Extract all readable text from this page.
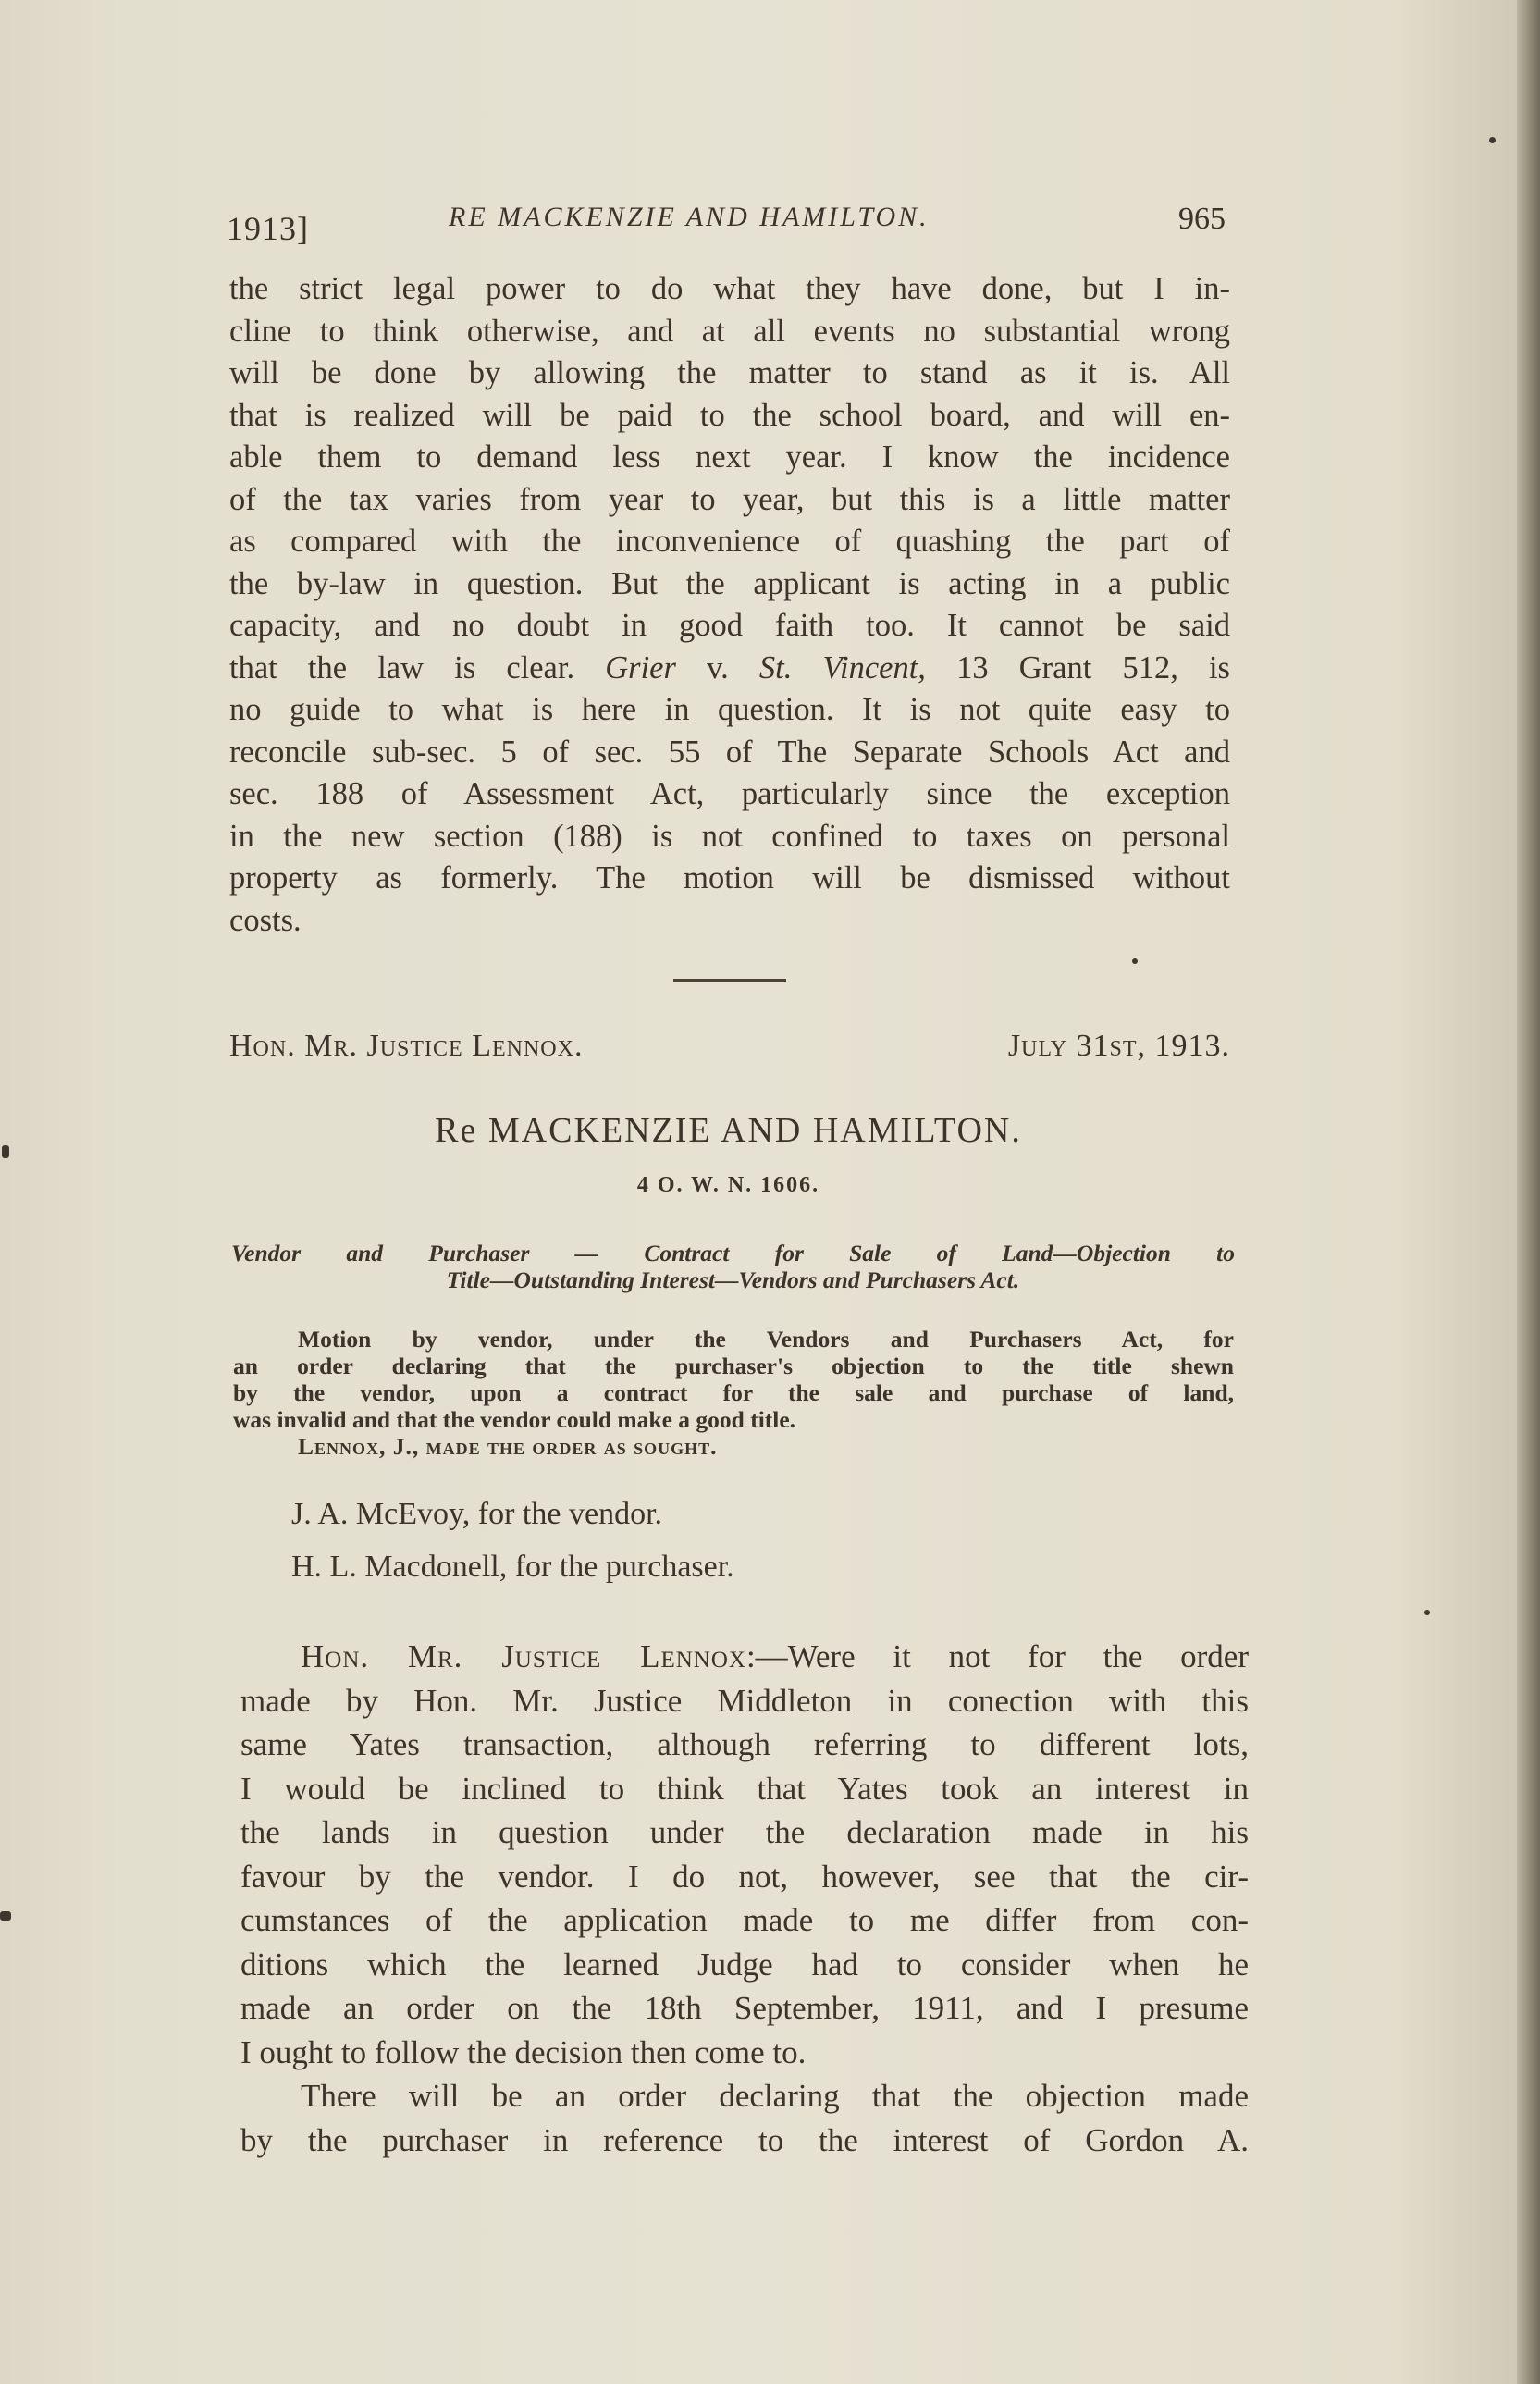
1913]	RE MACKENZIE AND HAMILTON.	965
the strict legal power to do what they have done, but I in-
cline to think otherwise, and at all events no substantial wrong
will be done by allowing the matter to stand as it is. All
that is realized will be paid to the school board, and will en-
able them to demand less next year. I know the incidence
of the tax varies from year to year, but this is a little matter
as compared with the inconvenience of quashing the part of
the by-law in question. But the applicant is acting in a public
capacity, and no doubt in good faith too. It cannot be said
that the law is clear. Grier v. St. Vincent, 13 Grant 512, is
no guide to what is here in question. It is not quite easy to
reconcile sub-sec. 5 of sec. 55 of The Separate Schools Act and
sec. 188 of Assessment Act, particularly since the exception
in the new section (188) is not confined to taxes on personal
property as formerly. The motion will be dismissed without
costs.
Hon. Mr. Justice Lennox.	July 31st, 1913.
Re MACKENZIE AND HAMILTON.
4 O. W. N. 1606.
Vendor and Purchaser — Contract for Sale of Land—Objection to
Title—Outstanding Interest—Vendors and Purchasers Act.
Motion by vendor, under the Vendors and Purchasers Act, for
an order declaring that the purchaser's objection to the title shewn
by the vendor, upon a contract for the sale and purchase of land,
was invalid and that the vendor could make a good title.
Lennox, J., made the order as sought.
J. A. McEvoy, for the vendor.
H. L. Macdonell, for the purchaser.
Hon. Mr. Justice Lennox:—Were it not for the order
made by Hon. Mr. Justice Middleton in conection with this
same Yates transaction, although referring to different lots,
I would be inclined to think that Yates took an interest in
the lands in question under the declaration made in his
favour by the vendor. I do not, however, see that the cir-
cumstances of the application made to me differ from con-
ditions which the learned Judge had to consider when he
made an order on the 18th September, 1911, and I presume
I ought to follow the decision then come to.
There will be an order declaring that the objection made
by the purchaser in reference to the interest of Gordon A.
